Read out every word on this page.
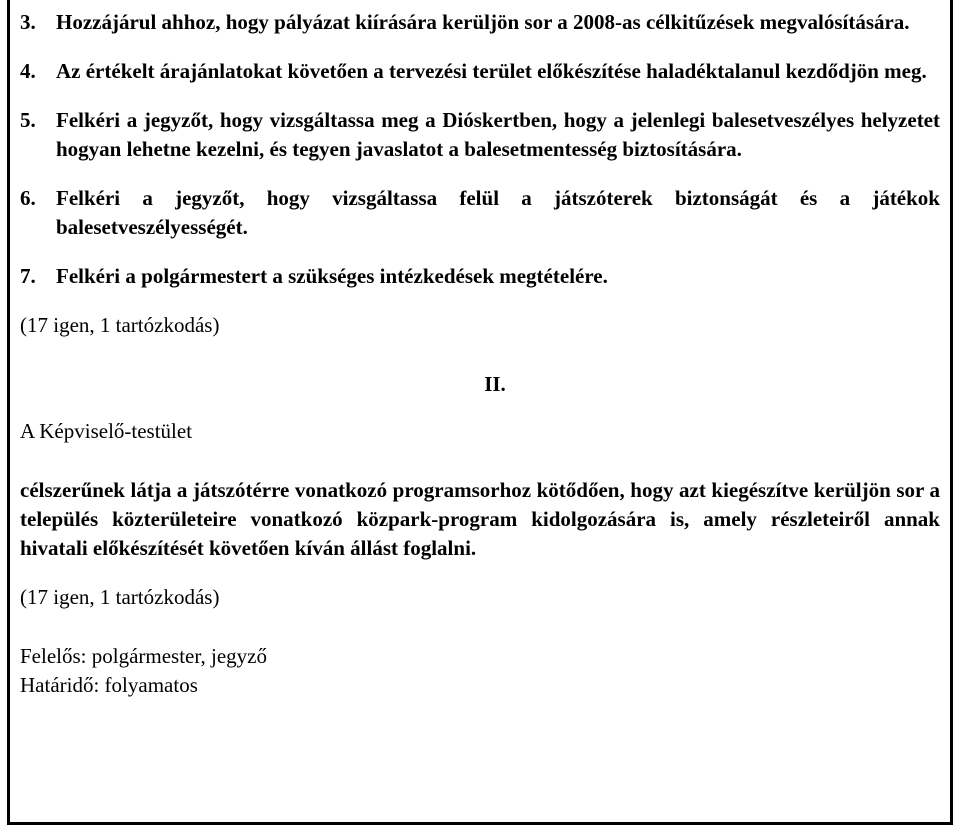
3. Hozzájárul ahhoz, hogy pályázat kiírására kerüljön sor a 2008-as célkitűzések megvalósítására.
4. Az értékelt árajánlatokat követően a tervezési terület előkészítése haladéktalanul kezdődjön meg.
5. Felkéri a jegyzőt, hogy vizsgáltassa meg a Dióskertben, hogy a jelenlegi balesetveszélyes helyzetet hogyan lehetne kezelni, és tegyen javaslatot a balesetmentesség biztosítására.
6. Felkéri a jegyzőt, hogy vizsgáltassa felül a játszóterek biztonságát és a játékok balesetveszélyességét.
7. Felkéri a polgármestert a szükséges intézkedések megtételére.
(17 igen, 1 tartózkodás)
II.
A Képviselő-testület
célszerűnek látja a játszótérre vonatkozó programsorhoz kötődően, hogy azt kiegészítve kerüljön sor a település közterületeire vonatkozó közpark-program kidolgozására is, amely részleteiről annak hivatali előkészítését követően kíván állást foglalni.
(17 igen, 1 tartózkodás)
Felelős: polgármester, jegyző
Határidő: folyamatos
